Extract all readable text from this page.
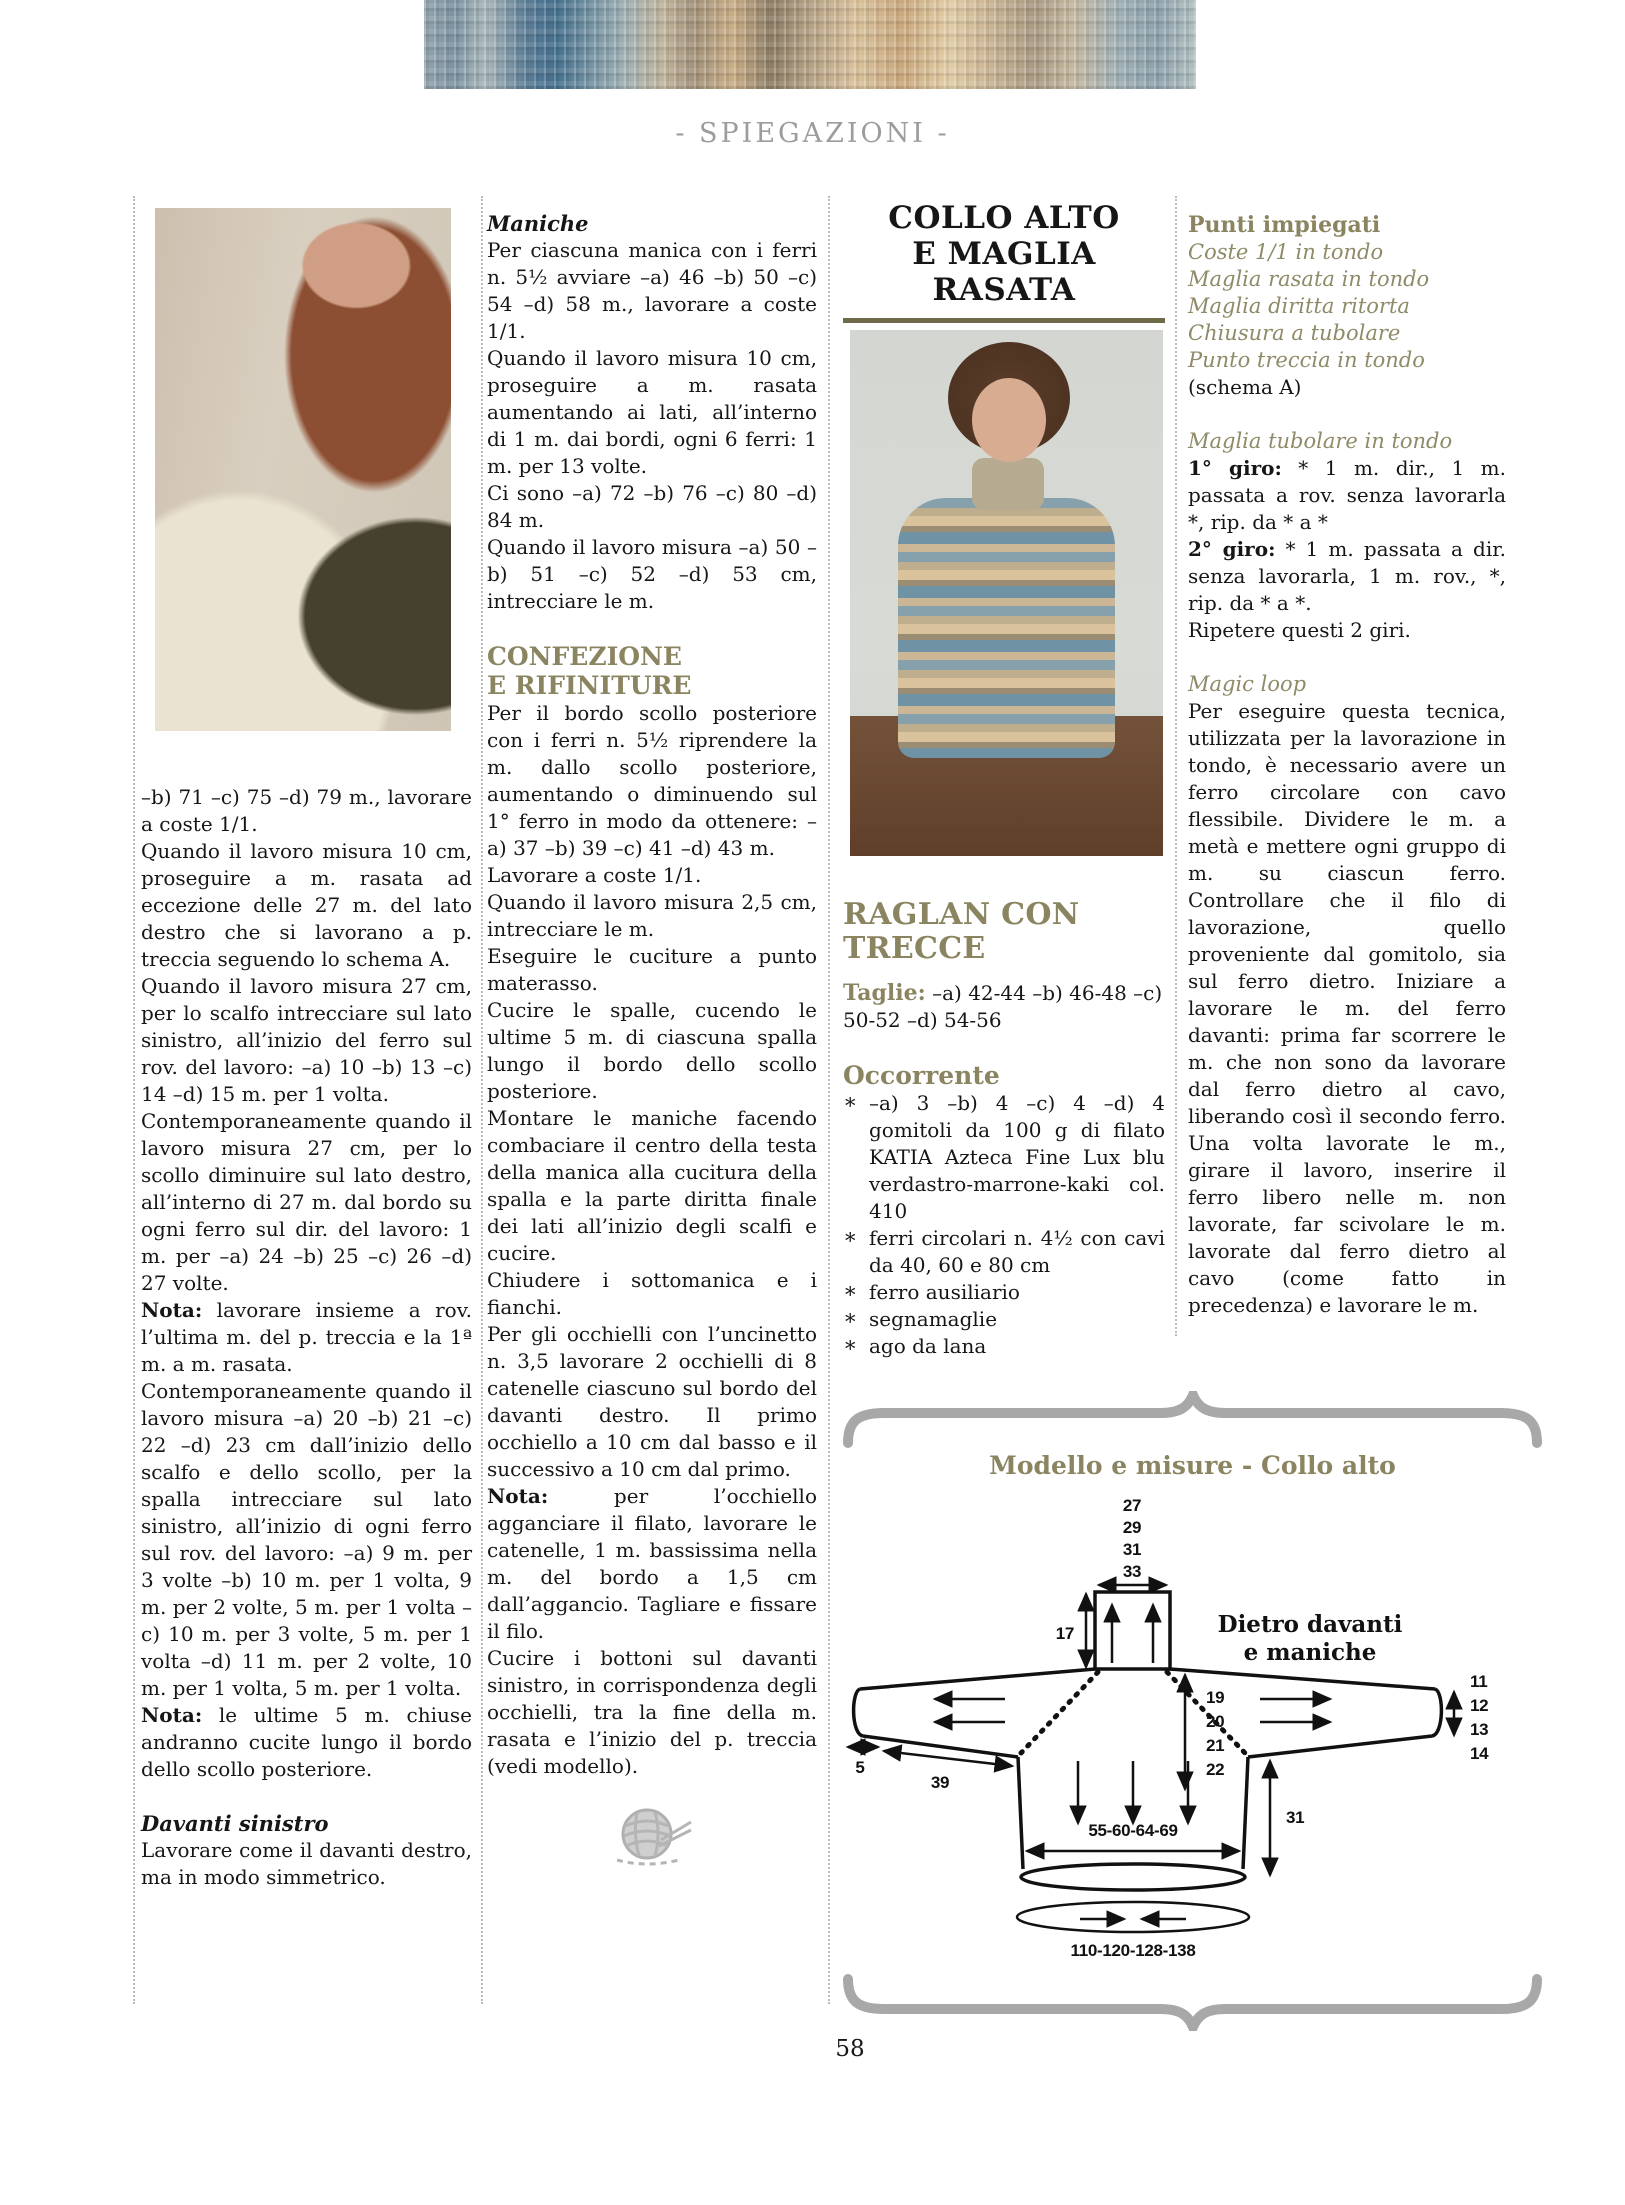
- SPIEGAZIONI -

–b) 71 –c) 75 –d) 79 m., lavorare a coste 1/1.

Quando il lavoro misura 10 cm, proseguire a m. rasata ad eccezione delle 27 m. del lato destro che si lavorano a p. treccia seguendo lo schema A.

Quando il lavoro misura 27 cm, per lo scalfo intrecciare sul lato sinistro, all’inizio del ferro sul rov. del lavoro: –a) 10 –b) 13 –c) 14 –d) 15 m. per 1 volta.

Contemporaneamente quando il lavoro misura 27 cm, per lo scollo diminuire sul lato destro, all’interno di 27 m. dal bordo su ogni ferro sul dir. del lavoro: 1 m. per –a) 24 –b) 25 –c) 26 –d) 27 volte.

Nota: lavorare insieme a rov. l’ultima m. del p. treccia e la 1ª m. a m. rasata.

Contemporaneamente quando il lavoro misura –a) 20 –b) 21 –c) 22 –d) 23 cm dall’inizio dello scalfo e dello scollo, per la spalla intrecciare sul lato sinistro, all’inizio di ogni ferro sul rov. del lavoro: –a) 9 m. per 3 volte –b) 10 m. per 1 volta, 9 m. per 2 volte, 5 m. per 1 volta –c) 10 m. per 3 volte, 5 m. per 1 volta –d) 11 m. per 2 volte, 10 m. per 1 volta, 5 m. per 1 volta.

Nota: le ultime 5 m. chiuse andranno cucite lungo il bordo dello scollo posteriore.

Davanti sinistro

Lavorare come il davanti destro, ma in modo simmetrico.

Maniche

Per ciascuna manica con i ferri n. 5½ avviare –a) 46 –b) 50 –c) 54 –d) 58 m., lavorare a coste 1/1.

Quando il lavoro misura 10 cm, proseguire a m. rasata aumentando ai lati, all’interno di 1 m. dai bordi, ogni 6 ferri: 1 m. per 13 volte.

Ci sono –a) 72 –b) 76 –c) 80 –d) 84 m.

Quando il lavoro misura –a) 50 –b) 51 –c) 52 –d) 53 cm, intrecciare le m.

CONFEZIONE
E RIFINITURE

Per il bordo scollo posteriore con i ferri n. 5½ riprendere la m. dallo scollo posteriore, aumentando o diminuendo sul 1° ferro in modo da ottenere: –a) 37 –b) 39 –c) 41 –d) 43 m.

Lavorare a coste 1/1.

Quando il lavoro misura 2,5 cm, intrecciare le m.

Eseguire le cuciture a punto materasso.

Cucire le spalle, cucendo le ultime 5 m. di ciascuna spalla lungo il bordo dello scollo posteriore.

Montare le maniche facendo combaciare il centro della testa della manica alla cucitura della spalla e la parte diritta finale dei lati all’inizio degli scalfi e cucire.

Chiudere i sottomanica e i fianchi.

Per gli occhielli con l’uncinetto n. 3,5 lavorare 2 occhielli di 8 catenelle ciascuno sul bordo del davanti destro. Il primo occhiello a 10 cm dal basso e il successivo a 10 cm dal primo.

Nota: per l’occhiello agganciare il filato, lavorare le catenelle, 1 m. bassissima nella m. del bordo a 1,5 cm dall’aggancio. Tagliare e fissare il filo.

Cucire i bottoni sul davanti sinistro, in corrispondenza degli occhielli, tra la fine della m. rasata e l’inizio del p. treccia (vedi modello).

COLLO ALTO
E MAGLIA RASATA

RAGLAN CON TRECCE

Taglie: –a) 42-44 –b) 46-48 –c) 50-52 –d) 54-56

Occorrente

* –a) 3 –b) 4 –c) 4 –d) 4 gomitoli da 100 g di filato KATIA Azteca Fine Lux blu verdastro-marrone-kaki col. 410
* ferri circolari n. 4½ con cavi da 40, 60 e 80 cm
* ferro ausiliario
* segnamaglie
* ago da lana

Punti impiegati

Coste 1/1 in tondo

Maglia rasata in tondo

Maglia diritta ritorta

Chiusura a tubolare

Punto treccia in tondo

(schema A)

Maglia tubolare in tondo

1° giro: * 1 m. dir., 1 m. passata a rov. senza lavorarla *, rip. da * a *

2° giro: * 1 m. passata a dir. senza lavorarla, 1 m. rov., *, rip. da * a *.

Ripetere questi 2 giri.

Magic loop

Per eseguire questa tecnica, utilizzata per la lavorazione in tondo, è necessario avere un ferro circolare con cavo flessibile. Dividere le m. a metà e mettere ogni gruppo di m. su ciascun ferro. Controllare che il filo di lavorazione, quello proveniente dal gomitolo, sia sul ferro dietro. Iniziare a lavorare le m. del ferro davanti: prima far scorrere le m. che non sono da lavorare dal ferro dietro al cavo, liberando così il secondo ferro. Una volta lavorate le m., girare il lavoro, inserire il ferro libero nelle m. non lavorate, far scivolare le m. lavorate dal ferro dietro al cavo (come fatto in precedenza) e lavorare le m.

Modello e misure - Collo alto
27
29
31
33
17	Dietro davanti
e maniche
19
20
21
22
5
39
11
12
13
14
31
55-60-64-69
110-120-128-138
58
